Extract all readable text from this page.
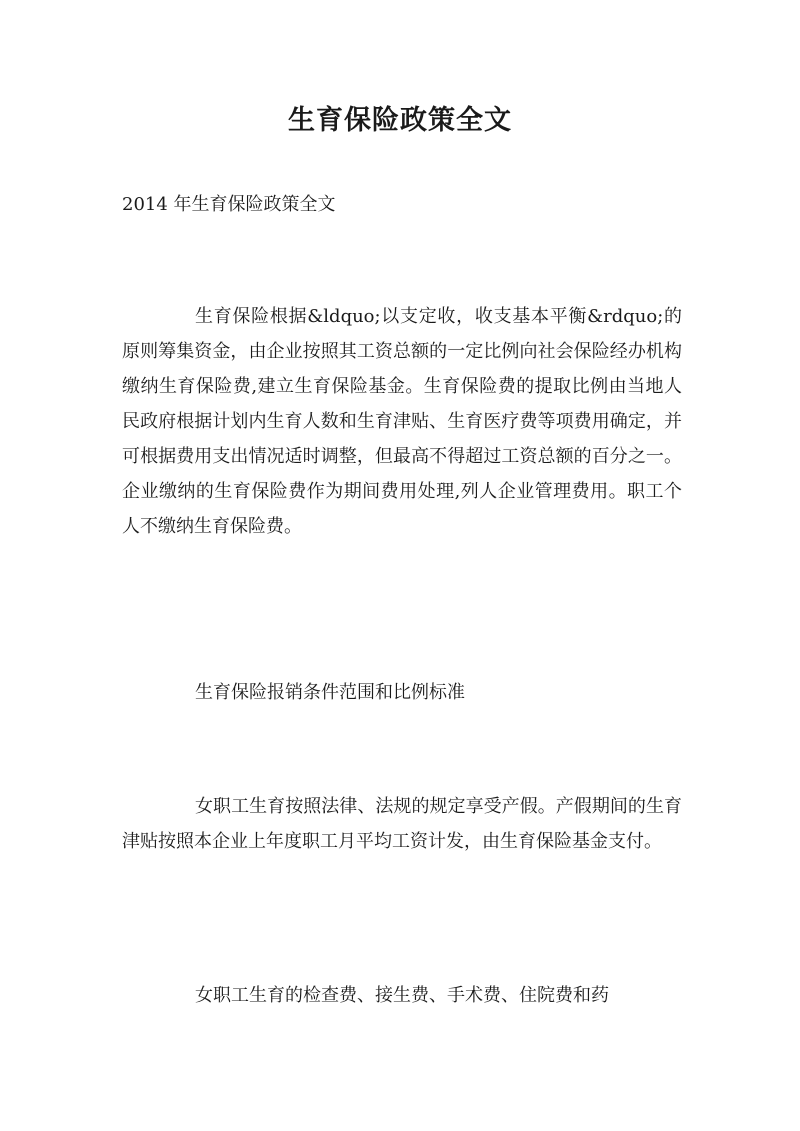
生育保险政策全文
2014 年生育保险政策全文

生育保险根据&ldquo;以支定收，收支基本平衡&rdquo;的原则筹集资金，由企业按照其工资总额的一定比例向社会保险经办机构缴纳生育保险费,建立生育保险基金。生育保险费的提取比例由当地人民政府根据计划内生育人数和生育津贴、生育医疗费等项费用确定，并可根据费用支出情况适时调整，但最高不得超过工资总额的百分之一。企业缴纳的生育保险费作为期间费用处理,列人企业管理费用。职工个人不缴纳生育保险费。

生育保险报销条件范围和比例标准

女职工生育按照法律、法规的规定享受产假。产假期间的生育津贴按照本企业上年度职工月平均工资计发，由生育保险基金支付。

女职工生育的检查费、接生费、手术费、住院费和药
